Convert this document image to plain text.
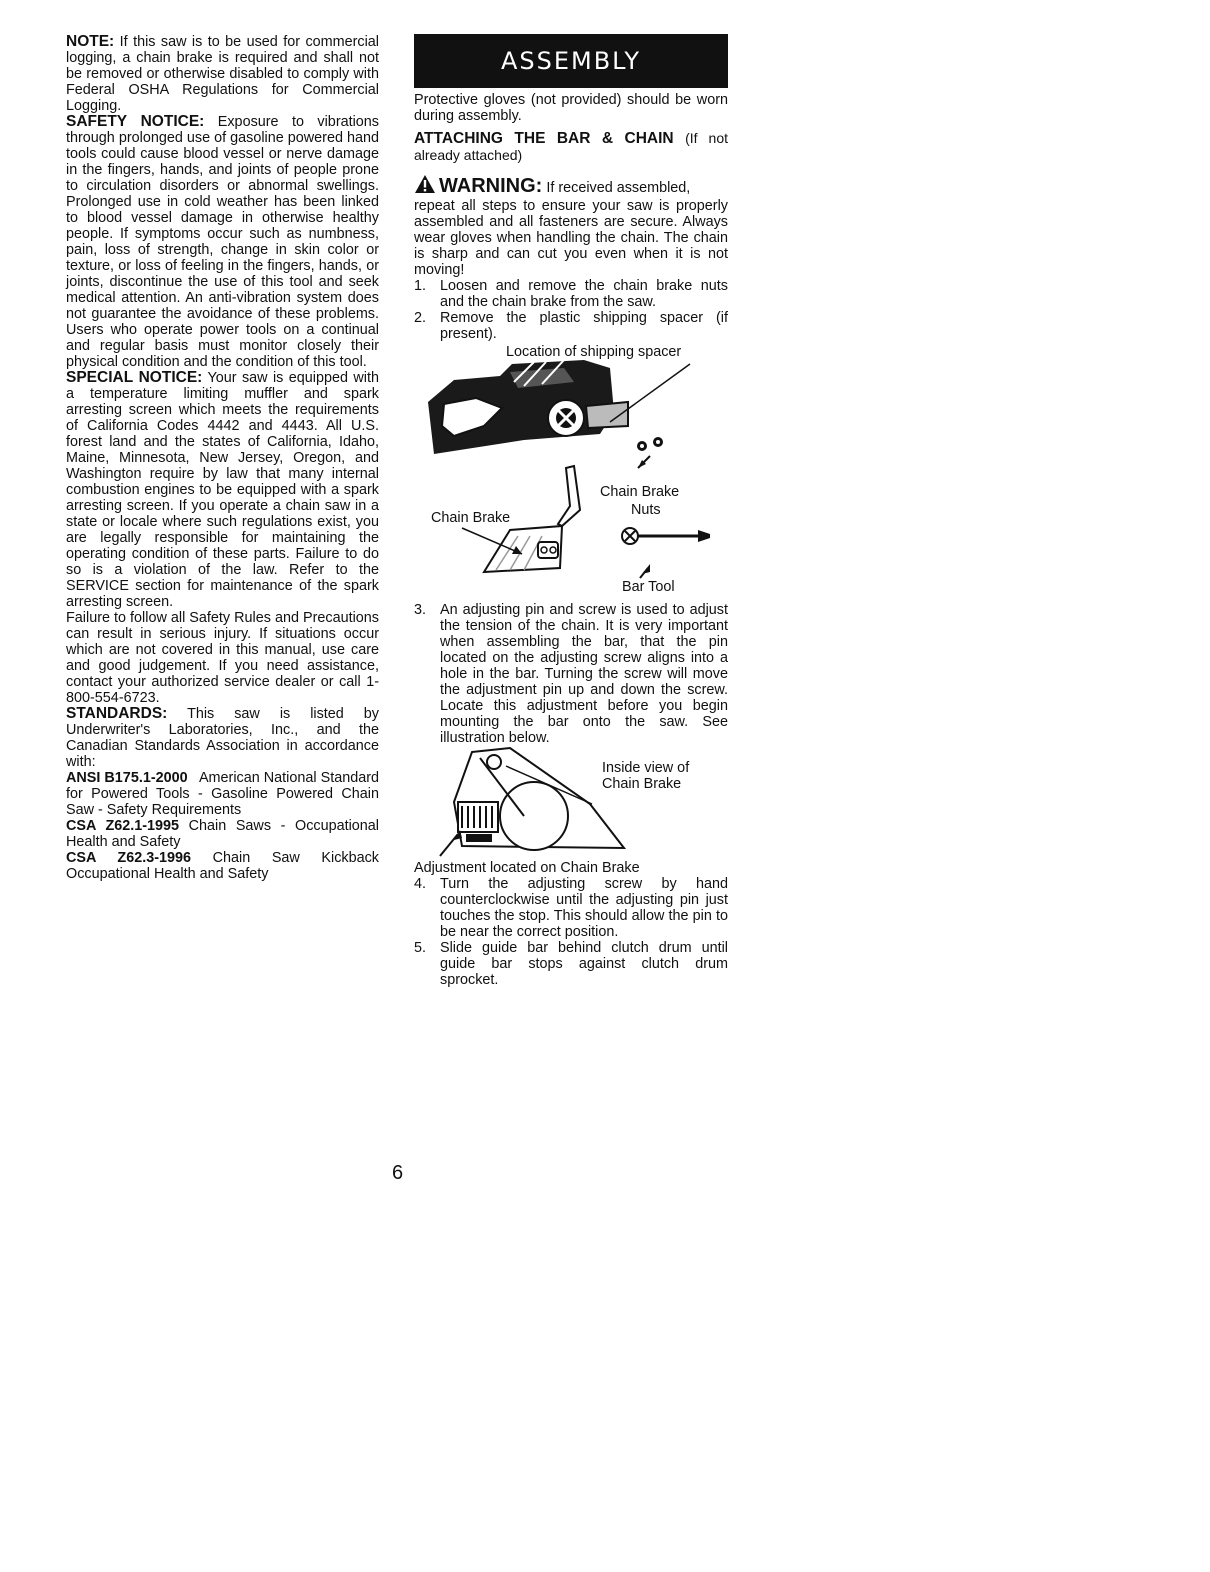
NOTE: If this saw is to be used for commercial logging, a chain brake is required and shall not be removed or otherwise disabled to comply with Federal OSHA Regulations for Commercial Logging.

SAFETY NOTICE: Exposure to vibrations through prolonged use of gasoline powered hand tools could cause blood vessel or nerve damage in the fingers, hands, and joints of people prone to circulation disorders or abnormal swellings. Prolonged use in cold weather has been linked to blood vessel damage in otherwise healthy people. If symptoms occur such as numbness, pain, loss of strength, change in skin color or texture, or loss of feeling in the fingers, hands, or joints, discontinue the use of this tool and seek medical attention. An anti-vibration system does not guarantee the avoidance of these problems. Users who operate power tools on a continual and regular basis must monitor closely their physical condition and the condition of this tool.

SPECIAL NOTICE: Your saw is equipped with a temperature limiting muffler and spark arresting screen which meets the requirements of California Codes 4442 and 4443. All U.S. forest land and the states of California, Idaho, Maine, Minnesota, New Jersey, Oregon, and Washington require by law that many internal combustion engines to be equipped with a spark arresting screen. If you operate a chain saw in a state or locale where such regulations exist, you are legally responsible for maintaining the operating condition of these parts. Failure to do so is a violation of the law. Refer to the SERVICE section for maintenance of the spark arresting screen.

Failure to follow all Safety Rules and Precautions can result in serious injury. If situations occur which are not covered in this manual, use care and good judgement. If you need assistance, contact your authorized service dealer or call 1-800-554-6723.

STANDARDS: This saw is listed by Underwriter's Laboratories, Inc., and the Canadian Standards Association in accordance with:

ANSI B175.1-2000 American National Standard for Powered Tools - Gasoline Powered Chain Saw - Safety Requirements

CSA Z62.1-1995 Chain Saws - Occupational Health and Safety

CSA Z62.3-1996 Chain Saw Kickback Occupational Health and Safety

ASSEMBLY

Protective gloves (not provided) should be worn during assembly.

ATTACHING THE BAR & CHAIN (If not already attached)

WARNING: If received assembled,

repeat all steps to ensure your saw is properly assembled and all fasteners are secure. Always wear gloves when handling the chain. The chain is sharp and can cut you even when it is not moving!

1. Loosen and remove the chain brake nuts and the chain brake from the saw.
2. Remove the plastic shipping spacer (if present).
Location of shipping spacer
Chain Brake
Nuts
Chain Brake
Bar Tool
3. An adjusting pin and screw is used to adjust the tension of the chain. It is very important when assembling the bar, that the pin located on the adjusting screw aligns into a hole in the bar. Turning the screw will move the adjustment pin up and down the screw. Locate this adjustment before you begin mounting the bar onto the saw. See illustration below.
Inside view of
Chain Brake

Adjustment located on Chain Brake

4. Turn the adjusting screw by hand counterclockwise until the adjusting pin just touches the stop. This should allow the pin to be near the correct position.
5. Slide guide bar behind clutch drum until guide bar stops against clutch drum sprocket.
6
